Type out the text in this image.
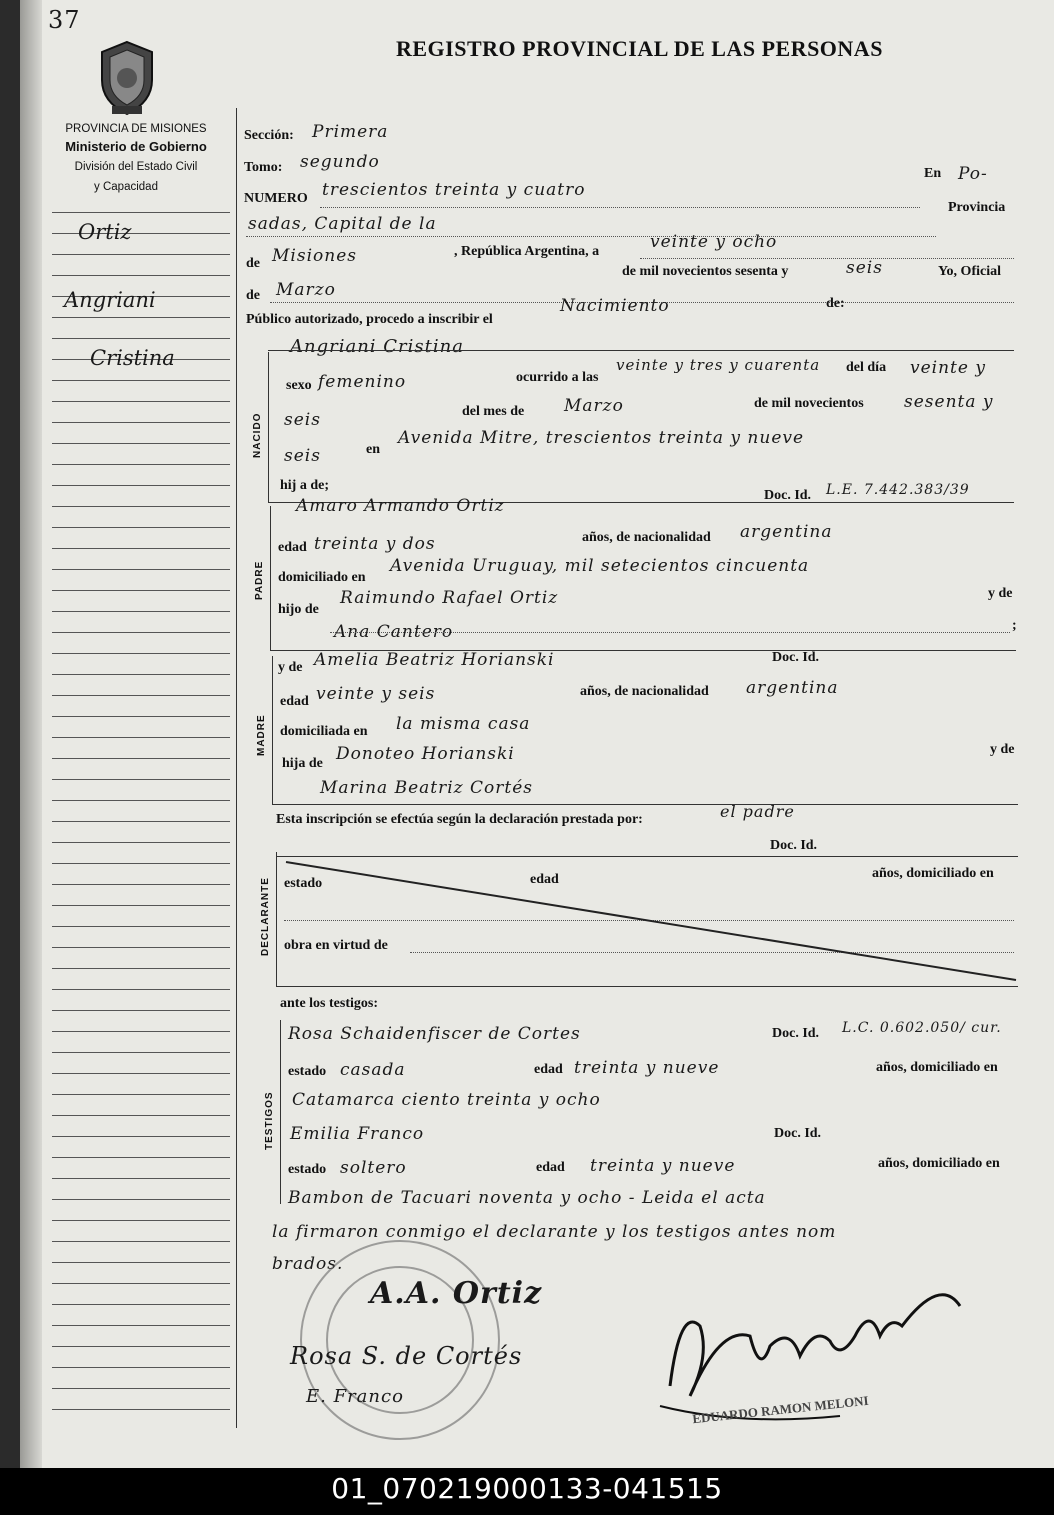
37
PROVINCIA DE MISIONES
Ministerio de Gobierno
División del Estado Civil
y Capacidad
REGISTRO PROVINCIAL DE LAS PERSONAS
Ortiz
Angriani
Cristina
NACIDO
PADRE
MADRE
DECLARANTE
TESTIGOS
Sección: Primera
Tomo: segundo
NUMERO trescientos treinta y cuatro
En Po-
sadas, Capital de la
Provincia
de Misiones	, República Argentina, a	veinte y ocho
de mil novecientos sesenta y	seis	Yo, Oficial
de Marzo
Público autorizado, procedo a inscribir el
Nacimiento	de:
Angriani Cristina
sexo femenino	ocurrido a las
veinte y tres y cuarenta del día veinte y
seis	del mes de Marzo	de mil novecientos sesenta y
seis	en
Avenida Mitre, trescientos treinta y nueve
hij a de;
Amaro Armando Ortiz
Doc. Id. L.E. 7.442.383/39
edad treinta y dos	años, de nacionalidad argentina
domiciliado en
Avenida Uruguay, mil setecientos cincuenta
hijo de
Raimundo Rafael Ortiz	y de
Ana Cantero	;
y de Amelia Beatriz Horianski	Doc. Id.
edad veinte y seis	años, de nacionalidad argentina
domiciliada en la misma casa
hija de Donoteo Horianski	y de
Marina Beatriz Cortés
Esta inscripción se efectúa según la declaración prestada por:	el padre
Doc. Id.
estado	edad	años, domiciliado en
obra en virtud de
ante los testigos:
Rosa Schaidenfiscer de Cortes	Doc. Id. L.C. 0.602.050/ cur.
estado casada	edad treinta y nueve	años, domiciliado en
Catamarca ciento treinta y ocho
Emilia Franco	Doc. Id.
estado soltero	edad treinta y nueve	años, domiciliado en
Bambon de Tacuari noventa y ocho - Leida el acta
la firmaron conmigo el declarante y los testigos antes nom
brados.
A.A. Ortiz
Rosa S. de Cortés
E. Franco	EDUARDO RAMON MELONI
01_070219000133-041515
